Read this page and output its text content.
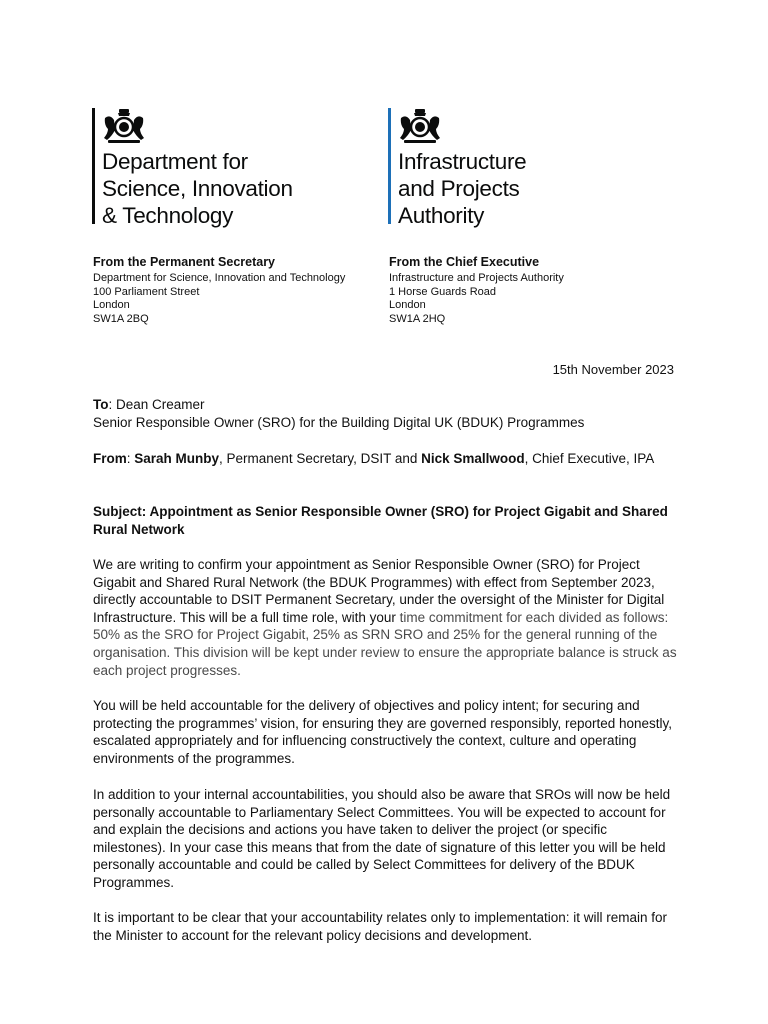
Department for
Science, Innovation
& Technology
Infrastructure
and Projects
Authority
From the Permanent Secretary
Department for Science, Innovation and Technology
100 Parliament Street
London
SW1A 2BQ
From the Chief Executive
Infrastructure and Projects Authority
1 Horse Guards Road
London
SW1A 2HQ
15th November 2023
To: Dean Creamer
Senior Responsible Owner (SRO) for the Building Digital UK (BDUK) Programmes
From: Sarah Munby, Permanent Secretary, DSIT and Nick Smallwood, Chief Executive, IPA
Subject: Appointment as Senior Responsible Owner (SRO) for Project Gigabit and Shared Rural Network
We are writing to confirm your appointment as Senior Responsible Owner (SRO) for Project Gigabit and Shared Rural Network (the BDUK Programmes) with effect from September 2023, directly accountable to DSIT Permanent Secretary, under the oversight of the Minister for Digital Infrastructure. This will be a full time role, with your time commitment for each divided as follows: 50% as the SRO for Project Gigabit, 25% as SRN SRO and 25% for the general running of the organisation. This division will be kept under review to ensure the appropriate balance is struck as each project progresses.
You will be held accountable for the delivery of objectives and policy intent; for securing and protecting the programmes’ vision, for ensuring they are governed responsibly, reported honestly, escalated appropriately and for influencing constructively the context, culture and operating environments of the programmes.
In addition to your internal accountabilities, you should also be aware that SROs will now be held personally accountable to Parliamentary Select Committees. You will be expected to account for and explain the decisions and actions you have taken to deliver the project (or specific milestones). In your case this means that from the date of signature of this letter you will be held personally accountable and could be called by Select Committees for delivery of the BDUK Programmes.
It is important to be clear that your accountability relates only to implementation: it will remain for the Minister to account for the relevant policy decisions and development.
